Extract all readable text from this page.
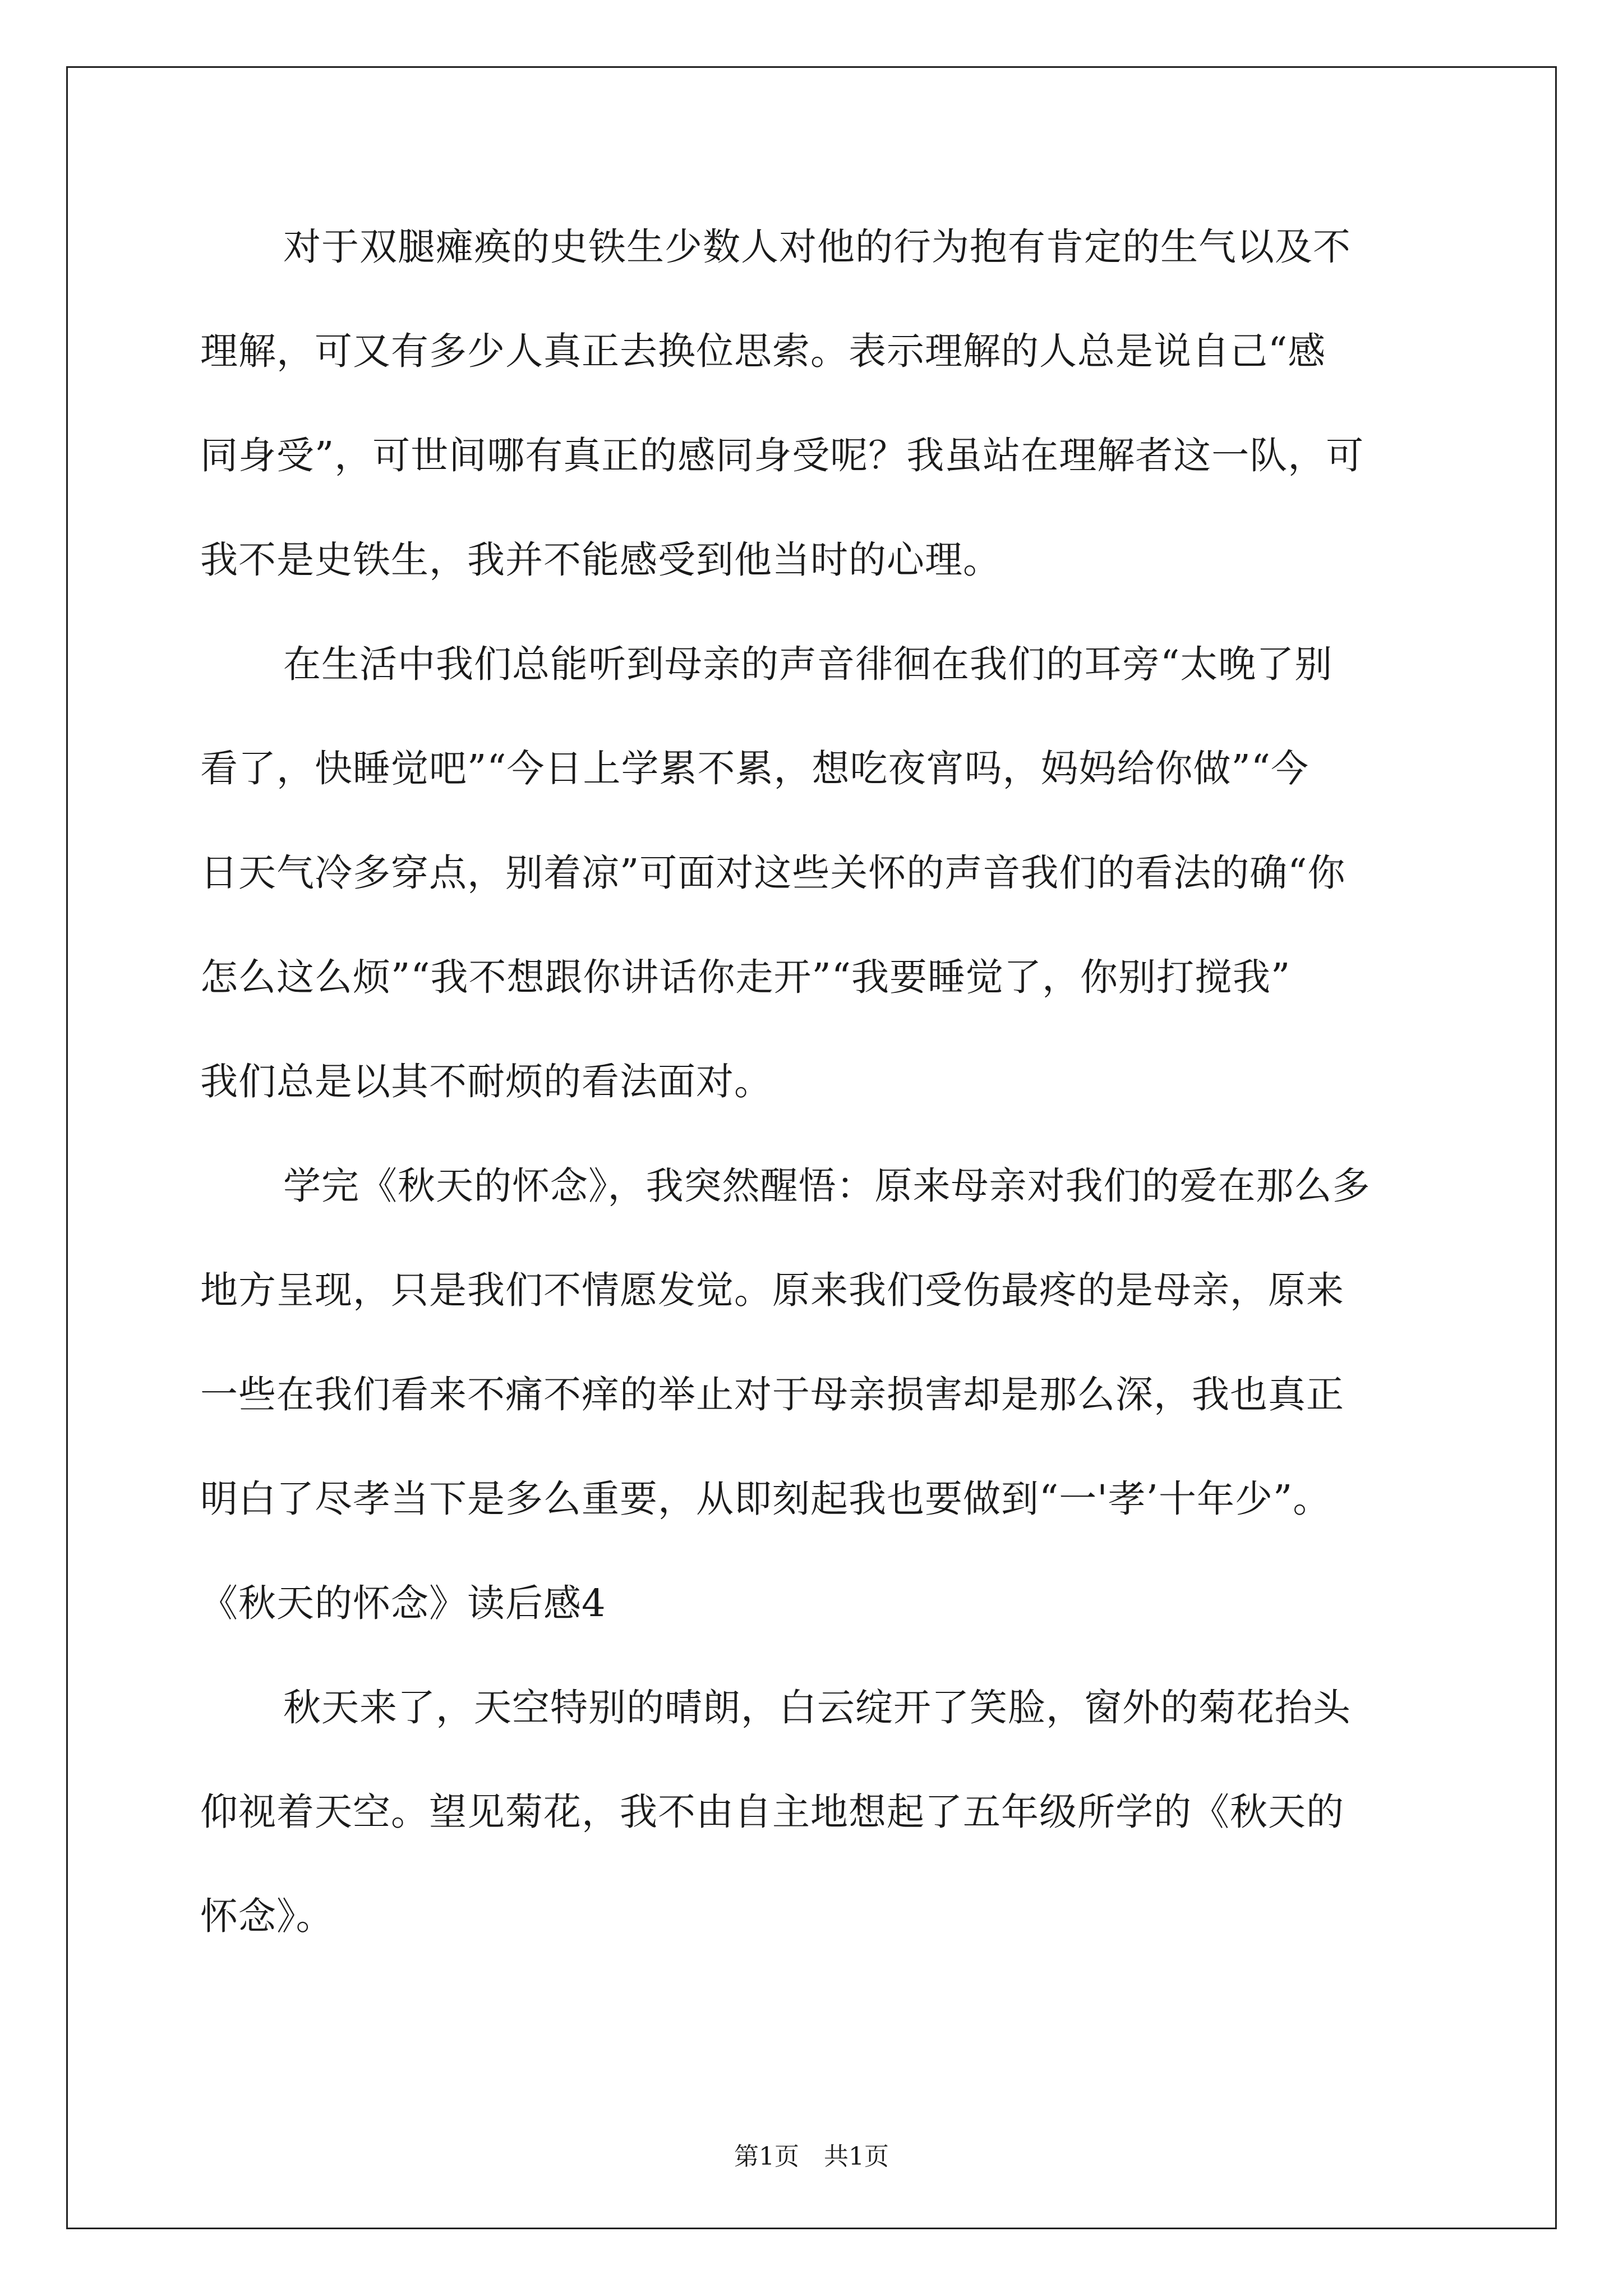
对于双腿瘫痪的史铁生少数人对他的行为抱有肯定的生气以及不
理解，可又有多少人真正去换位思索。表示理解的人总是说自己“感
同身受”，可世间哪有真正的感同身受呢？我虽站在理解者这一队，可
我不是史铁生，我并不能感受到他当时的心理。
在生活中我们总能听到母亲的声音徘徊在我们的耳旁“太晚了别
看了，快睡觉吧”“今日上学累不累，想吃夜宵吗，妈妈给你做”“今
日天气冷多穿点，别着凉”可面对这些关怀的声音我们的看法的确“你
怎么这么烦”“我不想跟你讲话你走开”“我要睡觉了，你别打搅我”
我们总是以其不耐烦的看法面对。
学完《秋天的怀念》，我突然醒悟：原来母亲对我们的爱在那么多
地方呈现，只是我们不情愿发觉。原来我们受伤最疼的是母亲，原来
一些在我们看来不痛不痒的举止对于母亲损害却是那么深，我也真正
明白了尽孝当下是多么重要，从即刻起我也要做到“一'孝’十年少”。
《秋天的怀念》读后感4
秋天来了，天空特别的晴朗，白云绽开了笑脸，窗外的菊花抬头
仰视着天空。望见菊花，我不由自主地想起了五年级所学的《秋天的
怀念》。
第1页　共1页
